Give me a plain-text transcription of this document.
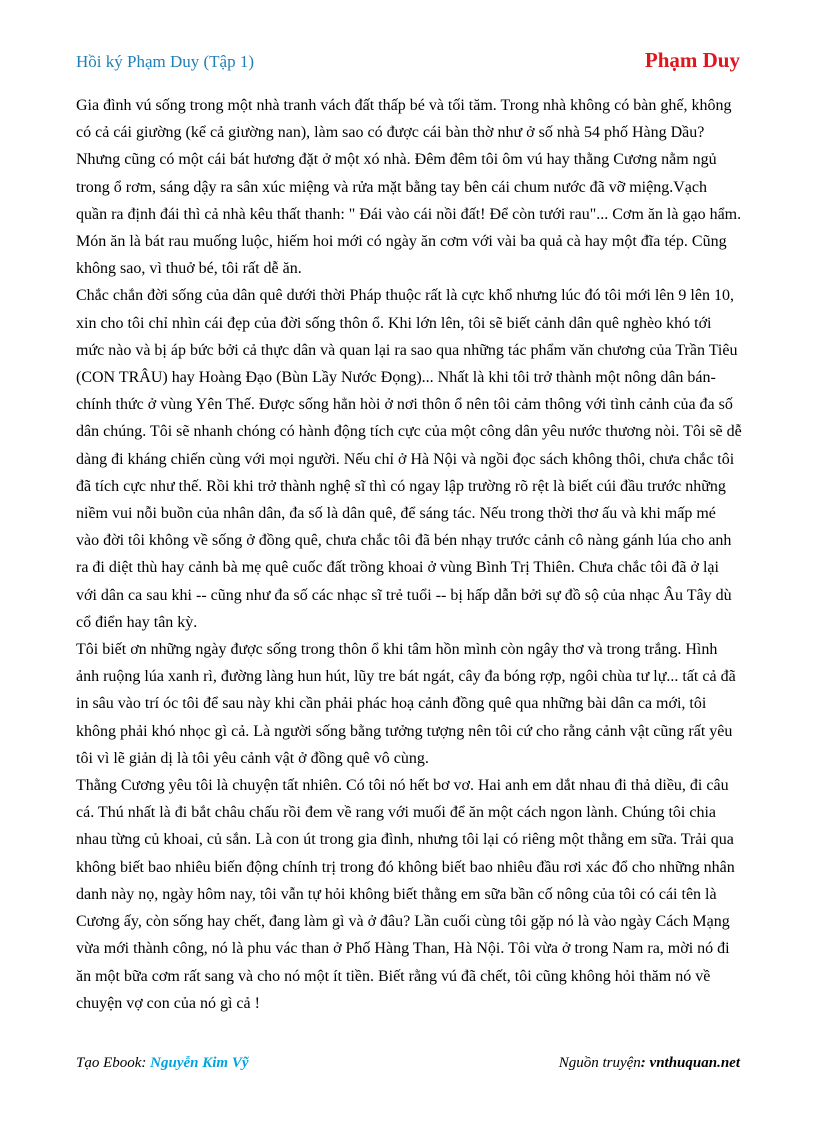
Hồi ký Phạm Duy (Tập 1)	Phạm Duy

Gia đình vú sống trong một nhà tranh vách đất thấp bé và tối tăm. Trong nhà không có bàn ghế, không có cả cái giường (kể cả giường nan), làm sao có được cái bàn thờ như ở số nhà 54 phố Hàng Dầu? Nhưng cũng có một cái bát hương đặt ở một xó nhà. Đêm đêm tôi ôm vú hay thằng Cương nằm ngủ trong ổ rơm, sáng dậy ra sân xúc miệng và rửa mặt bằng tay bên cái chum nước đã vỡ miệng.Vạch quần ra định đái thì cả nhà kêu thất thanh: " Đái vào cái nồi đất! Để còn tưới rau"... Cơm ăn là gạo hẩm. Món ăn là bát rau muống luộc, hiếm hoi mới có ngày ăn cơm với vài ba quả cà hay một đĩa tép. Cũng không sao, vì thuở bé, tôi rất dễ ăn.

Chắc chắn đời sống của dân quê dưới thời Pháp thuộc rất là cực khổ nhưng lúc đó tôi mới lên 9 lên 10, xin cho tôi chỉ nhìn cái đẹp của đời sống thôn ổ. Khi lớn lên, tôi sẽ biết cảnh dân quê nghèo khó tới mức nào và bị áp bức bởi cả thực dân và quan lại ra sao qua những tác phẩm văn chương của Trần Tiêu (CON TRÂU) hay Hoàng Đạo (Bùn Lầy Nước Đọng)... Nhất là khi tôi trở thành một nông dân bán-chính thức ở vùng Yên Thế. Được sống hẳn hòi ở nơi thôn ổ nên tôi cảm thông với tình cảnh của đa số dân chúng. Tôi sẽ nhanh chóng có hành động tích cực của một công dân yêu nước thương nòi. Tôi sẽ dễ dàng đi kháng chiến cùng với mọi người. Nếu chỉ ở Hà Nội và ngồi đọc sách không thôi, chưa chắc tôi đã tích cực như thế. Rồi khi trở thành nghệ sĩ thì có ngay lập trường rõ rệt là biết cúi đầu trước những niềm vui nỗi buồn của nhân dân, đa số là dân quê, để sáng tác. Nếu trong thời thơ ấu và khi mấp mé vào đời tôi không về sống ở đồng quê, chưa chắc tôi đã bén nhạy trước cảnh cô nàng gánh lúa cho anh ra đi diệt thù hay cảnh bà mẹ quê cuốc đất trồng khoai ở vùng Bình Trị Thiên. Chưa chắc tôi đã ở lại với dân ca sau khi -- cũng như đa số các nhạc sĩ trẻ tuổi -- bị hấp dẫn bởi sự đồ sộ của nhạc Âu Tây dù cổ điển hay tân kỳ.

Tôi biết ơn những ngày được sống trong thôn ổ khi tâm hồn mình còn ngây thơ và trong trắng. Hình ảnh ruộng lúa xanh rì, đường làng hun hút, lũy tre bát ngát, cây đa bóng rợp, ngôi chùa tư lự... tất cả đã in sâu vào trí óc tôi để sau này khi cần phải phác hoạ cảnh đồng quê qua những bài dân ca mới, tôi không phải khó nhọc gì cả. Là người sống bằng tưởng tượng nên tôi cứ cho rằng cảnh vật cũng rất yêu tôi vì lẽ giản dị là tôi yêu cảnh vật ở đồng quê vô cùng.

Thằng Cương yêu tôi là chuyện tất nhiên. Có tôi nó hết bơ vơ. Hai anh em dắt nhau đi thả diều, đi câu cá. Thú nhất là đi bắt châu chấu rồi đem về rang với muối để ăn một cách ngon lành. Chúng tôi chia nhau từng củ khoai, củ sắn. Là con út trong gia đình, nhưng tôi lại có riêng một thằng em sữa. Trải qua không biết bao nhiêu biến động chính trị trong đó không biết bao nhiêu đầu rơi xác đổ cho những nhân danh này nọ, ngày hôm nay, tôi vẫn tự hỏi không biết thằng em sữa bần cố nông của tôi có cái tên là Cương ấy, còn sống hay chết, đang làm gì và ở đâu? Lần cuối cùng tôi gặp nó là vào ngày Cách Mạng vừa mới thành công, nó là phu vác than ở Phố Hàng Than, Hà Nội. Tôi vừa ở trong Nam ra, mời nó đi ăn một bữa cơm rất sang và cho nó một ít tiền. Biết rằng vú đã chết, tôi cũng không hỏi thăm nó về chuyện vợ con của nó gì cả !

Tạo Ebook: Nguyễn Kim Vỹ	Nguồn truyện: vnthuquan.net
